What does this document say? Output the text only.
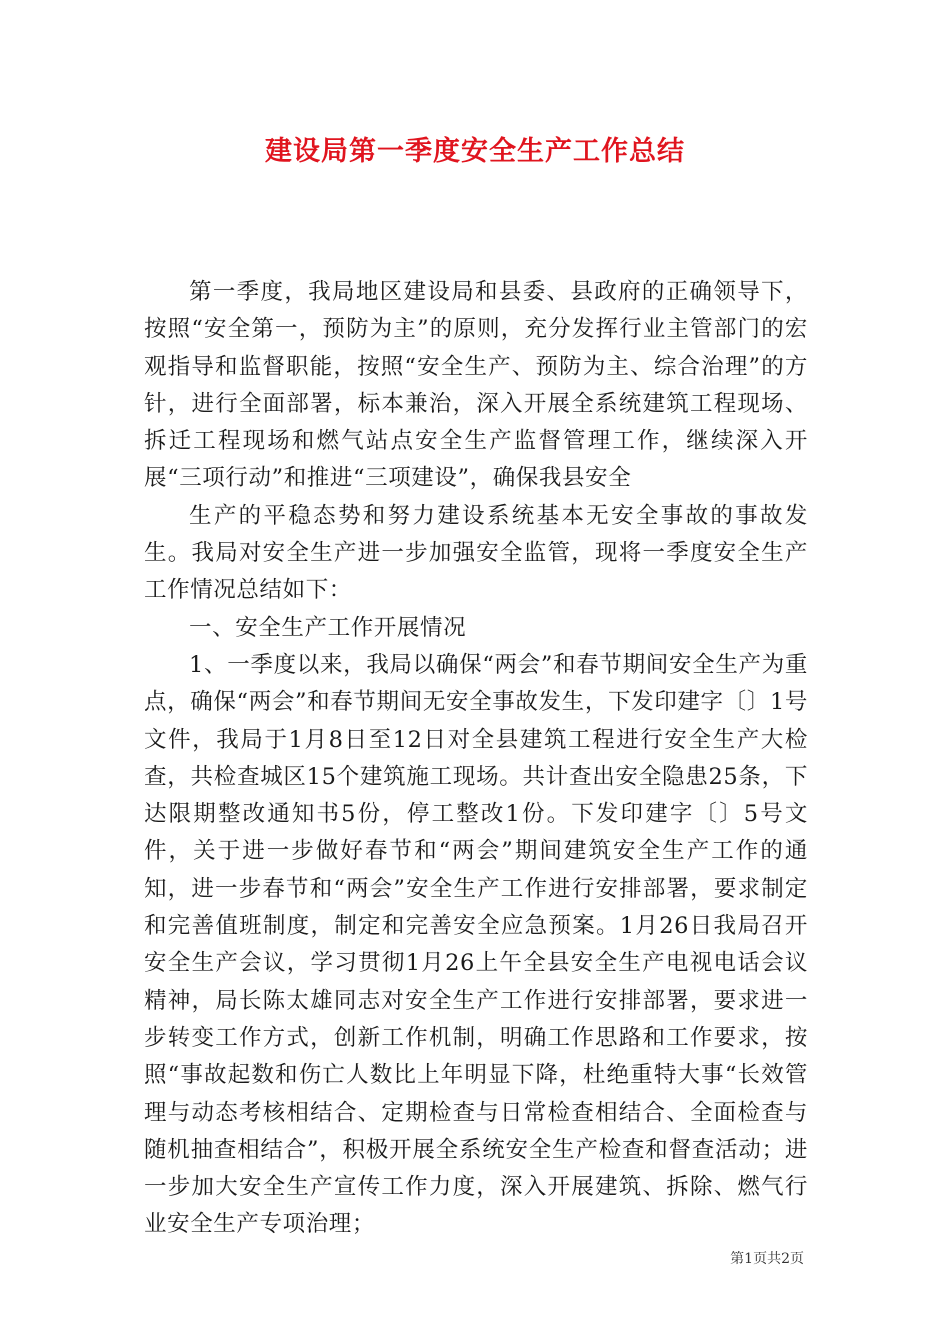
建设局第一季度安全生产工作总结

第一季度，我局地区建设局和县委、县政府的正确领导下，按照“安全第一，预防为主”的原则，充分发挥行业主管部门的宏观指导和监督职能，按照“安全生产、预防为主、综合治理”的方针，进行全面部署，标本兼治，深入开展全系统建筑工程现场、拆迁工程现场和燃气站点安全生产监督管理工作，继续深入开展“三项行动”和推进“三项建设”，确保我县安全

生产的平稳态势和努力建设系统基本无安全事故的事故发生。我局对安全生产进一步加强安全监管，现将一季度安全生产工作情况总结如下：

一、安全生产工作开展情况

1、一季度以来，我局以确保“两会”和春节期间安全生产为重点，确保“两会”和春节期间无安全事故发生，下发印建字〔〕1号文件，我局于1月8日至12日对全县建筑工程进行安全生产大检查，共检查城区15个建筑施工现场。共计查出安全隐患25条，下达限期整改通知书5份，停工整改1份。下发印建字〔〕5号文件，关于进一步做好春节和“两会”期间建筑安全生产工作的通知，进一步春节和“两会”安全生产工作进行安排部署，要求制定和完善值班制度，制定和完善安全应急预案。1月26日我局召开安全生产会议，学习贯彻1月26上午全县安全生产电视电话会议精神，局长陈太雄同志对安全生产工作进行安排部署，要求进一步转变工作方式，创新工作机制，明确工作思路和工作要求，按照“事故起数和伤亡人数比上年明显下降，杜绝重特大事“长效管理与动态考核相结合、定期检查与日常检查相结合、全面检查与随机抽查相结合”，积极开展全系统安全生产检查和督查活动；进一步加大安全生产宣传工作力度，深入开展建筑、拆除、燃气行业安全生产专项治理；

第1页共2页
